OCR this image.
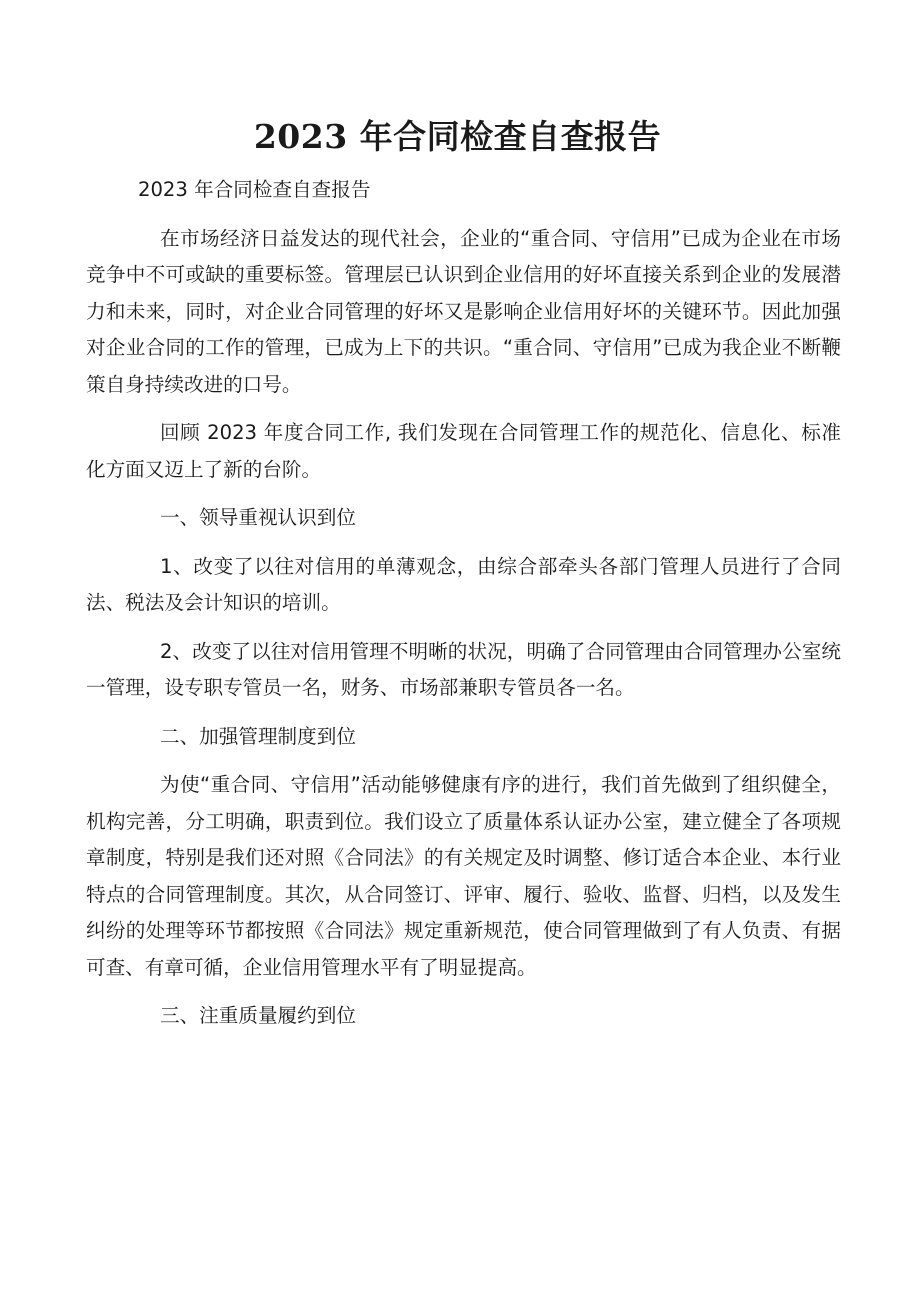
2023 年合同检查自查报告

2023 年合同检查自查报告

在市场经济日益发达的现代社会，企业的“重合同、守信用”已成为企业在市场竞争中不可或缺的重要标签。管理层已认识到企业信用的好坏直接关系到企业的发展潜力和未来，同时，对企业合同管理的好坏又是影响企业信用好坏的关键环节。因此加强对企业合同的工作的管理，已成为上下的共识。“重合同、守信用”已成为我企业不断鞭策自身持续改进的口号。

回顾 2023 年度合同工作, 我们发现在合同管理工作的规范化、信息化、标准化方面又迈上了新的台阶。

一、领导重视认识到位

1、改变了以往对信用的单薄观念，由综合部牵头各部门管理人员进行了合同法、税法及会计知识的培训。

2、改变了以往对信用管理不明晰的状况，明确了合同管理由合同管理办公室统一管理，设专职专管员一名，财务、市场部兼职专管员各一名。

二、加强管理制度到位

为使“重合同、守信用”活动能够健康有序的进行，我们首先做到了组织健全，机构完善，分工明确，职责到位。我们设立了质量体系认证办公室，建立健全了各项规章制度，特别是我们还对照《合同法》的有关规定及时调整、修订适合本企业、本行业特点的合同管理制度。其次，从合同签订、评审、履行、验收、监督、归档，以及发生纠纷的处理等环节都按照《合同法》规定重新规范，使合同管理做到了有人负责、有据可查、有章可循，企业信用管理水平有了明显提高。

三、注重质量履约到位
